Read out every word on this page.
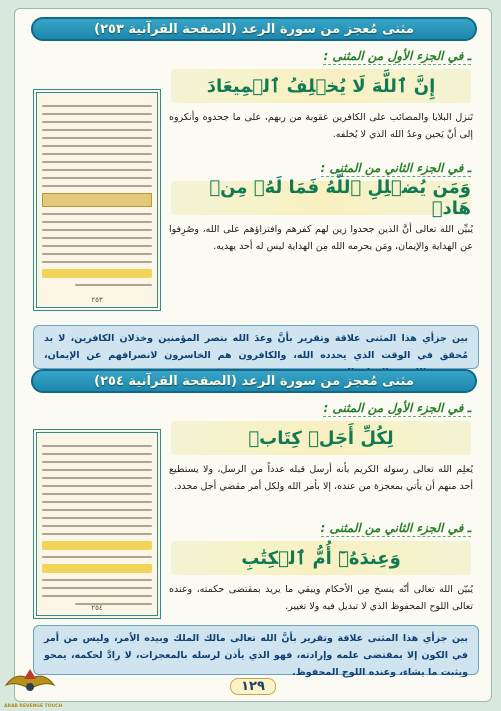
مثنى مُعجز من سورة الرعد (الصفحة القرآنية ٢٥٣)
٢٥٣
ـ في الجزء الأول من المثنى :
إِنَّ ٱللَّهَ لَا يُخۡلِفُ ٱلۡمِيعَادَ

تَنزل البلايا والمصائب على الكافرين عقوبة من ربهم، على ما جحدوه وأنكروه إلى أنْ يَحين وعدُ الله الذي لا يُخلفه.

ـ في الجزء الثاني من المثنى :
وَمَن يُضۡلِلِ ٱللَّهُ فَمَا لَهُۥ مِنۡ هَادٖ

يُبيِّن الله تعالى أنَّ الذين جحدوا زين لهم كفرهم وافتراؤهم على الله، وصُرِفوا عن الهداية والإيمان، ومَن يحرمه الله مِن الهداية ليس له أحد يهديه.

بين جزأي هذا المثنى علاقة وتقرير بأنَّ وعدَ الله بنصر المؤمنين وخذلان الكافرين، لا بد مُحقق في الوقت الذي يحدده الله، والكافرون هم الخاسرون لانصرافهم عن الإيمان،
مثنى مُعجز من سورة الرعد (الصفحة القرآنية ٢٥٤)
٢٥٤
ـ في الجزء الأول من المثنى :
لِكُلِّ أَجَلٖ كِتَابٞ

يُعلِم الله تعالى رسوله الكريم بأنه أرسل قبله عدداً من الرسل، ولا يستطيع أحد منهم أن يأتي بمعجزة من عنده، إلا بأمر الله ولكل أمر مقضي أجل محدد.

ـ في الجزء الثاني من المثنى :
وَعِندَهُۥٓ أُمُّ ٱلۡكِتَٰبِ

يُبيّن الله تعالى أنّه ينسخ مِن الأحكام ويبقي ما يريد بمقتضى حكمته، وعنده تعالى اللوح المحفوظ الذي لا تبديل فيه ولا تغيير.

بين جزأي هذا المثنى علاقة وتقرير بأنَّ الله تعالى مالك الملك وبيده الأمر، وليس من أمر في الكون إلا بمقتضى علمه وإرادته، فهو الذي يأذن لرسله بالمعجزات، لا رادَّ لحكمه، يمحو ويثبت ما يشاء، وعنده اللوح المحفوظ.
١٢٩
ARAB REVENGE TOUCH
